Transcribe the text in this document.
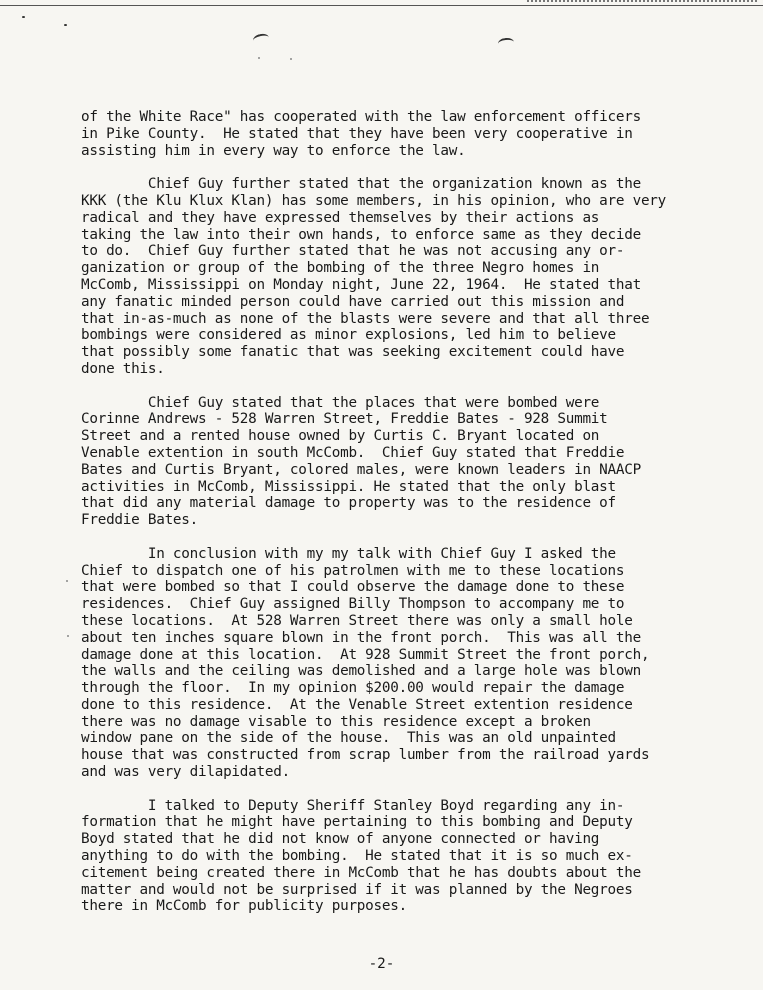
of the White Race" has cooperated with the law enforcement officers
in Pike County.  He stated that they have been very cooperative in
assisting him in every way to enforce the law.
Chief Guy further stated that the organization known as the
KKK (the Klu Klux Klan) has some members, in his opinion, who are very
radical and they have expressed themselves by their actions as
taking the law into their own hands, to enforce same as they decide
to do.  Chief Guy further stated that he was not accusing any or-
ganization or group of the bombing of the three Negro homes in
McComb, Mississippi on Monday night, June 22, 1964.  He stated that
any fanatic minded person could have carried out this mission and
that in-as-much as none of the blasts were severe and that all three
bombings were considered as minor explosions, led him to believe
that possibly some fanatic that was seeking excitement could have
done this.
Chief Guy stated that the places that were bombed were
Corinne Andrews - 528 Warren Street, Freddie Bates - 928 Summit
Street and a rented house owned by Curtis C. Bryant located on
Venable extention in south McComb.  Chief Guy stated that Freddie
Bates and Curtis Bryant, colored males, were known leaders in NAACP
activities in McComb, Mississippi. He stated that the only blast
that did any material damage to property was to the residence of
Freddie Bates.
In conclusion with my my talk with Chief Guy I asked the
Chief to dispatch one of his patrolmen with me to these locations
that were bombed so that I could observe the damage done to these
residences.  Chief Guy assigned Billy Thompson to accompany me to
these locations.  At 528 Warren Street there was only a small hole
about ten inches square blown in the front porch.  This was all the
damage done at this location.  At 928 Summit Street the front porch,
the walls and the ceiling was demolished and a large hole was blown
through the floor.  In my opinion $200.00 would repair the damage
done to this residence.  At the Venable Street extention residence
there was no damage visable to this residence except a broken
window pane on the side of the house.  This was an old unpainted
house that was constructed from scrap lumber from the railroad yards
and was very dilapidated.
I talked to Deputy Sheriff Stanley Boyd regarding any in-
formation that he might have pertaining to this bombing and Deputy
Boyd stated that he did not know of anyone connected or having
anything to do with the bombing.  He stated that it is so much ex-
citement being created there in McComb that he has doubts about the
matter and would not be surprised if it was planned by the Negroes
there in McComb for publicity purposes.
-2-
